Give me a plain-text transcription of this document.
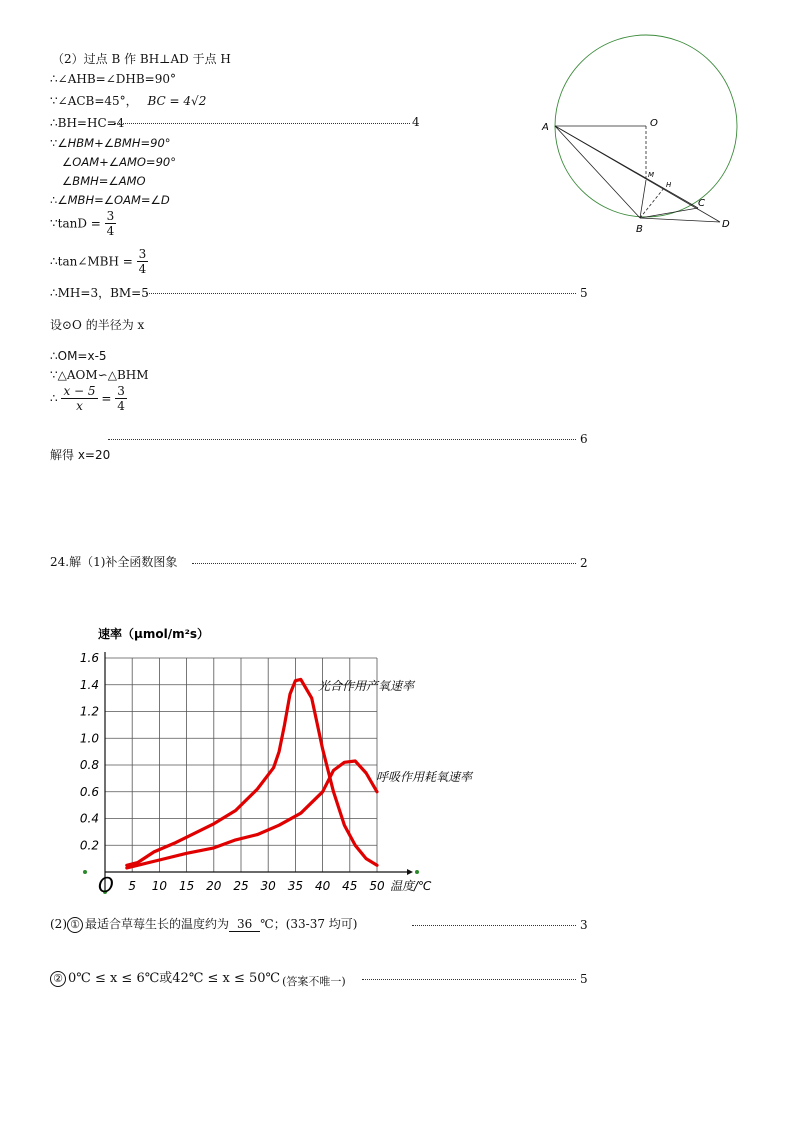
（2）过点 B 作 BH⊥AD 于点 H
∴∠AHB=∠DHB=90°
∵∠ACB=45°， BC = 4√2
∴BH=HC=4	4
∵∠HBM+∠BMH=90°
∠OAM+∠AMO=90°
∠BMH=∠AMO
∴∠MBH=∠OAM=∠D
∵tanD = $\frac{3}{4}$
∴tan∠MBH = $\frac{3}{4}$
∴MH=3，BM=5	5
设⊙O 的半径为 x
∴OM=x-5
∵△AOM∽△BHM
∴ $\frac{x - 5}{x} = \frac{3}{4}$
6
解得 x=20
A	O
M
H
C
B	D
24.解（1)补全函数图象	2
速率（μmol/m²s）
5 10 15 20 25 30 35 40 45 50
0.2
0.4
0.6
0.8
1.0
1.2
1.4
1.6
O	温度/℃
光合作用产氧速率
呼吸作用耗氧速率
(2) ① 最适合草莓生长的温度约为 36 ℃；(33-37 均可)	3
② 0℃ ≤ x ≤ 6℃或42℃ ≤ x ≤ 50℃ (答案不唯一)	5
